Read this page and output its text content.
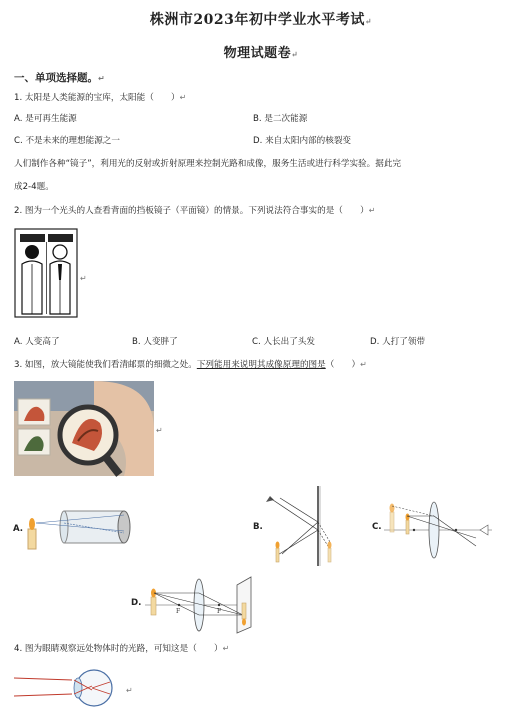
株洲市2023年初中学业水平考试↵
物理试题卷↵
一、单项选择题。↵
1. 太阳是人类能源的宝库，太阳能（　　）↵
A. 是可再生能源	B. 是二次能源
C. 不是未来的理想能源之一	D. 来自太阳内部的核裂变
人们制作各种“镜子”，利用光的反射或折射原理来控制光路和成像，服务生活或进行科学实验。据此完
成2-4题。
2. 图为一个光头的人查看背面的挡板镜子（平面镜）的情景。下列说法符合事实的是（　　）↵
↵
A. 人变高了	B. 人变胖了	C. 人长出了头发	D. 人打了领带
3. 如图，放大镜能使我们看清邮票的细微之处。下列能用来说明其成像原理的图是（　　）↵
↵
A.	B.	C.
D.
F	F
4. 图为眼睛观察远处物体时的光路，可知这是（　　）↵
↵
